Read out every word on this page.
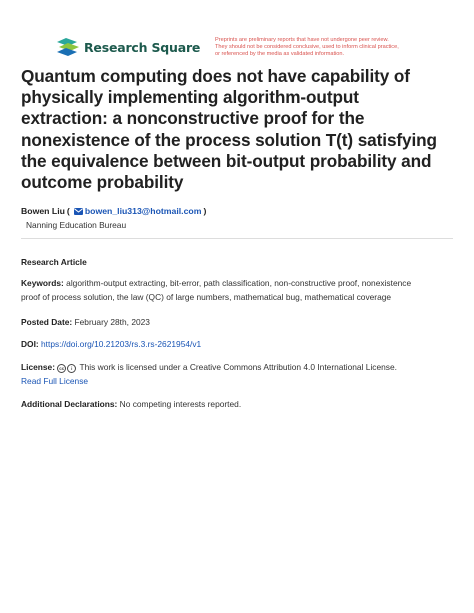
Research Square	Preprints are preliminary reports that have not undergone peer review.
They should not be considered conclusive, used to inform clinical practice,
or referenced by the media as validated information.
Quantum computing does not have capability of
physically implementing algorithm-output
extraction: a nonconstructive proof for the
nonexistence of the process solution T(t) satisfying
the equivalence between bit-output probability and
outcome probability
Bowen Liu ( bowen_liu313@hotmail.com )
Nanning Education Bureau
Research Article
Keywords: algorithm-output extracting, bit-error, path classification, non-constructive proof, nonexistence
proof of process solution, the law (QC) of large numbers, mathematical bug, mathematical coverage
Posted Date: February 28th, 2023
DOI: https://doi.org/10.21203/rs.3.rs-2621954/v1
License: cc i This work is licensed under a Creative Commons Attribution 4.0 International License.
Read Full License
Additional Declarations: No competing interests reported.
